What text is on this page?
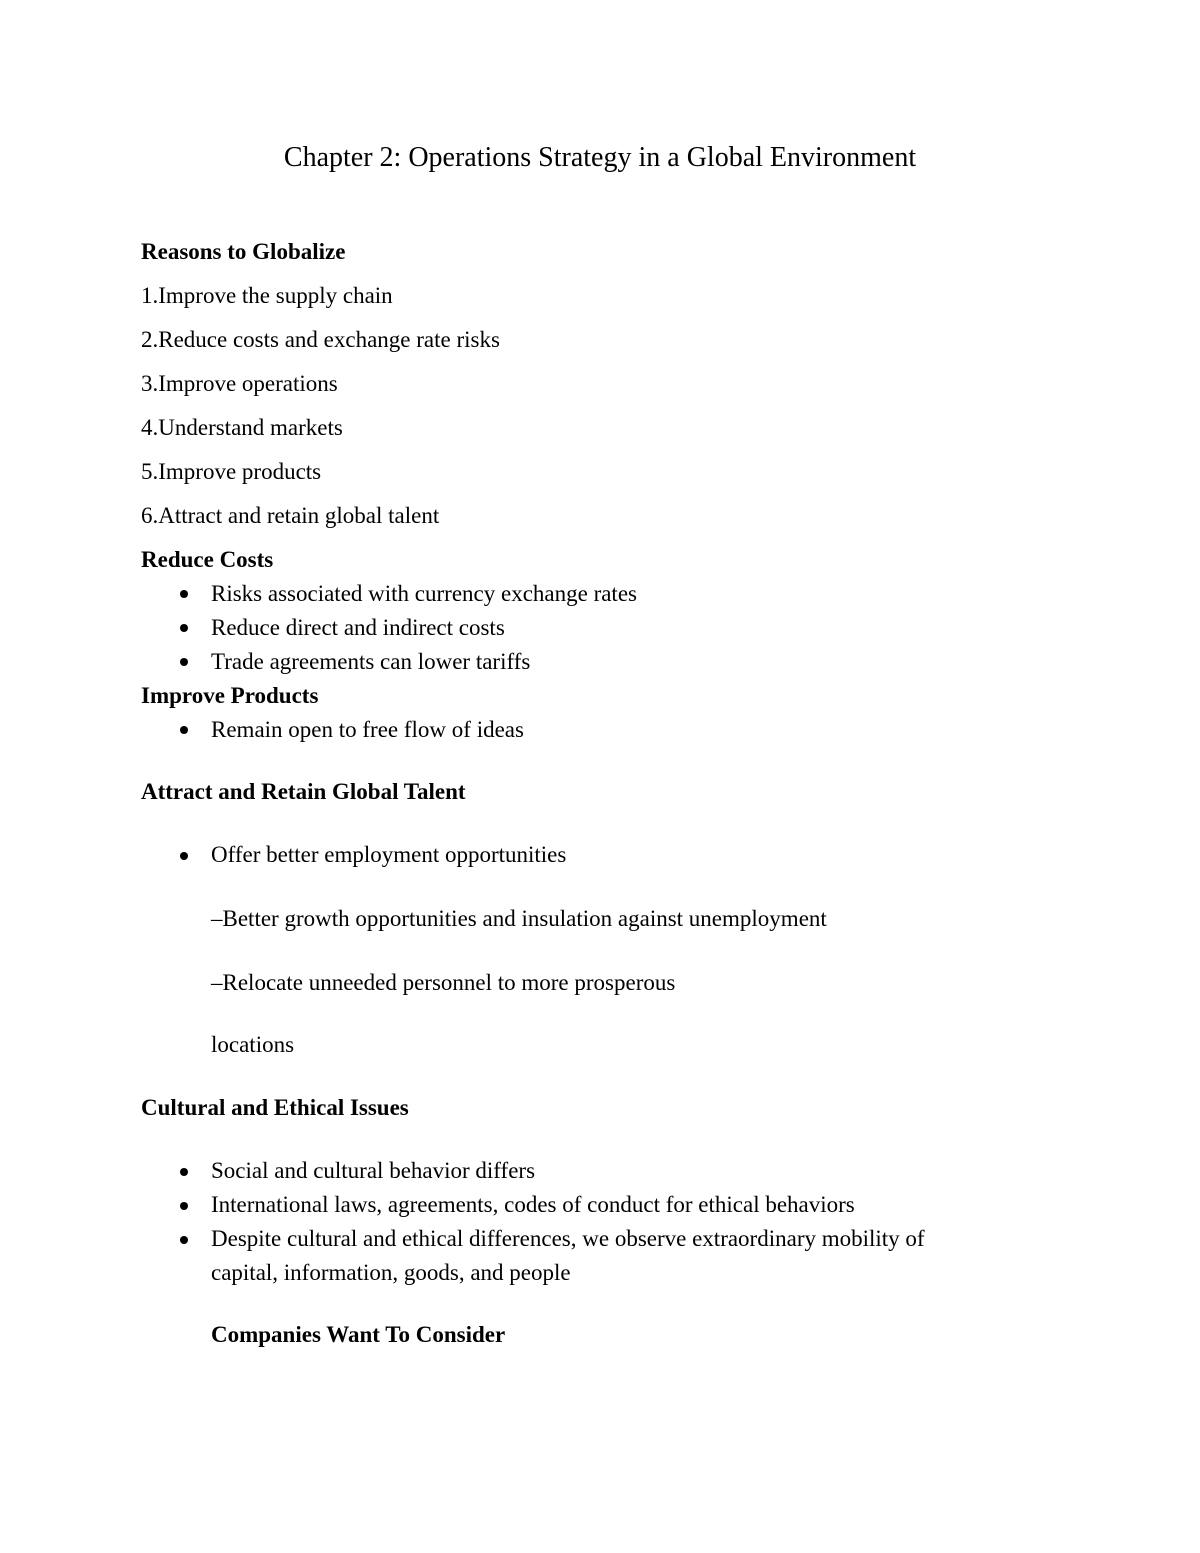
Chapter 2: Operations Strategy in a Global Environment
Reasons to Globalize
1.Improve the supply chain
2.Reduce costs and exchange rate risks
3.Improve operations
4.Understand markets
5.Improve products
6.Attract and retain global talent
Reduce Costs
Risks associated with currency exchange rates
Reduce direct and indirect costs
Trade agreements can lower tariffs
Improve Products
Remain open to free flow of ideas
Attract and Retain Global Talent
Offer better employment opportunities
–Better growth opportunities and insulation against unemployment
–Relocate unneeded personnel to more prosperous
locations
Cultural and Ethical Issues
Social and cultural behavior differs
International laws, agreements, codes of conduct for ethical behaviors
Despite cultural and ethical differences, we observe extraordinary mobility of
capital, information, goods, and people
Companies Want To Consider
